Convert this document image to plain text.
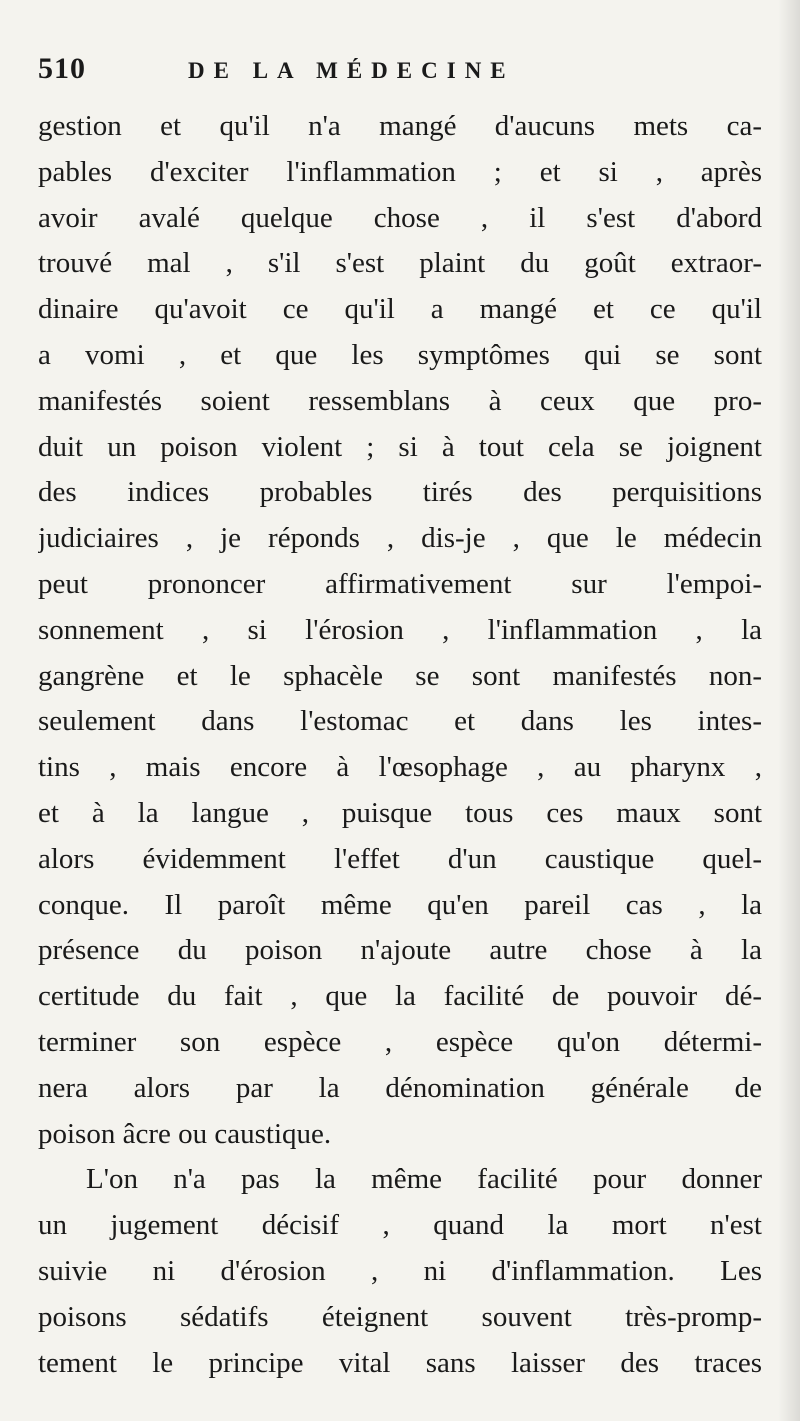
510	DE LA MÉDECINE
gestion et qu'il n'a mangé d'aucuns mets ca-
pables d'exciter l'inflammation ; et si , après
avoir avalé quelque chose , il s'est d'abord
trouvé mal , s'il s'est plaint du goût extraor-
dinaire qu'avoit ce qu'il a mangé et ce qu'il
a vomi , et que les symptômes qui se sont
manifestés soient ressemblans à ceux que pro-
duit un poison violent ; si à tout cela se joignent
des indices probables tirés des perquisitions
judiciaires , je réponds , dis-je , que le médecin
peut prononcer affirmativement sur l'empoi-
sonnement , si l'érosion , l'inflammation , la
gangrène et le sphacèle se sont manifestés non-
seulement dans l'estomac et dans les intes-
tins , mais encore à l'œsophage , au pharynx ,
et à la langue , puisque tous ces maux sont
alors évidemment l'effet d'un caustique quel-
conque. Il paroît même qu'en pareil cas , la
présence du poison n'ajoute autre chose à la
certitude du fait , que la facilité de pouvoir dé-
terminer son espèce , espèce qu'on détermi-
nera alors par la dénomination générale de
poison âcre ou caustique.
L'on n'a pas la même facilité pour donner
un jugement décisif , quand la mort n'est
suivie ni d'érosion , ni d'inflammation. Les
poisons sédatifs éteignent souvent très-promp-
tement le principe vital sans laisser des traces
